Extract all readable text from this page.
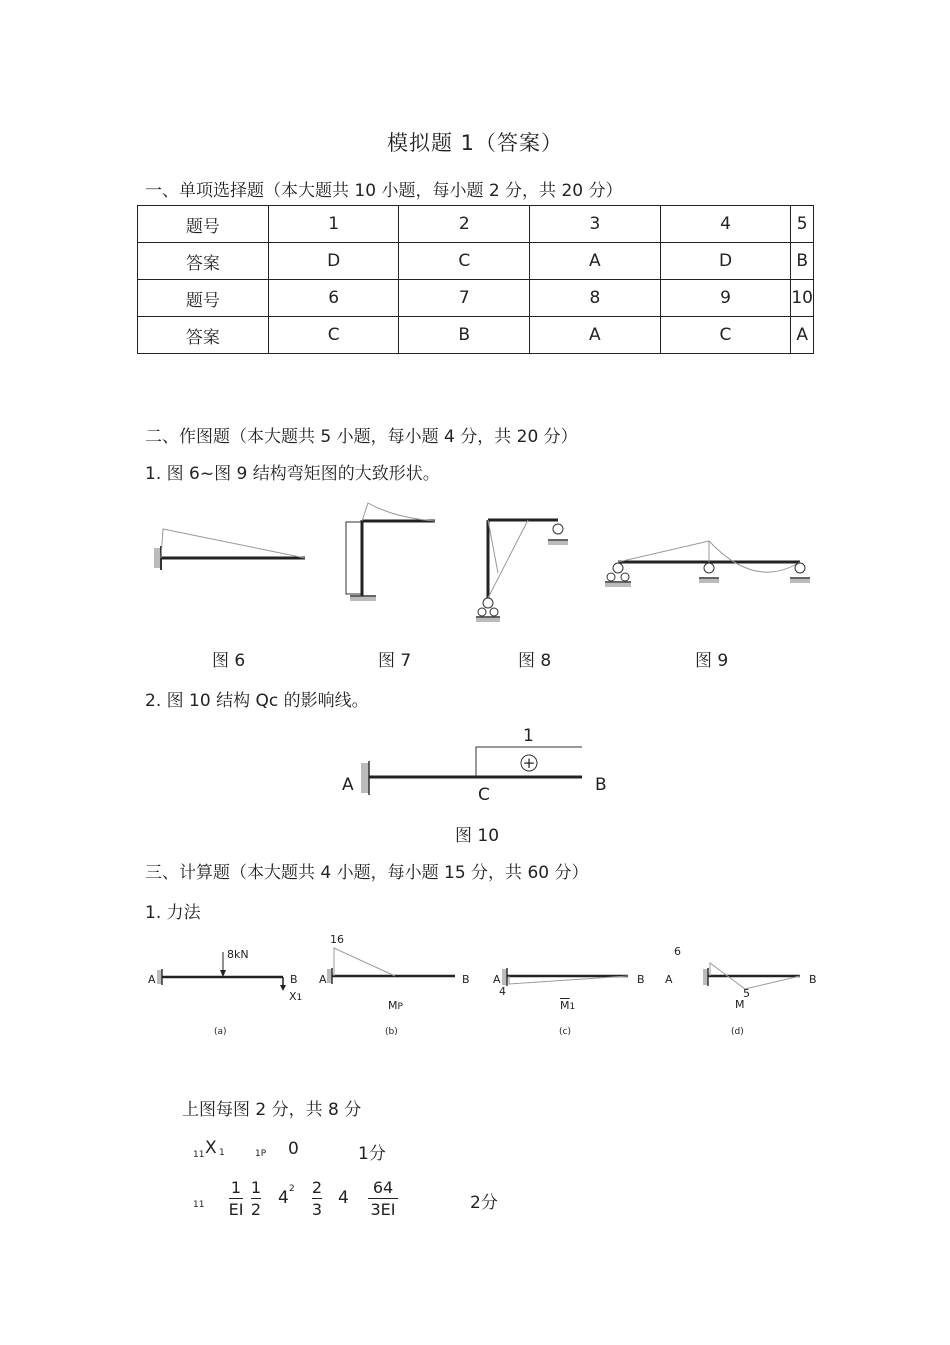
模拟题 1（答案）
一、单项选择题（本大题共 10 小题，每小题 2 分，共 20 分）
题号	1	2	3	4	5
答案	D	C	A	D	B
题号	6	7	8	9	10
答案	C	B	A	C	A
二、作图题（本大题共 5 小题，每小题 4 分，共 20 分）
1. 图 6~图 9 结构弯矩图的大致形状。
图 6	图 7	图 8	图 9
2. 图 10 结构 Qc 的影响线。
1
+
A	B
C
图 10
三、计算题（本大题共 4 小题，每小题 15 分，共 60 分）
1. 力法
8kN
A	B
X1
(a)
16
A	B
MP
(b)
A	B
4
$\overline{M}1$
(c)
6
A	B
5
M
(d)
上图每图 2 分，共 8 分
11 X 1	1P 0	1分
11
1
EI
1
2
4 2 2
3
4
64
3EI	2分
